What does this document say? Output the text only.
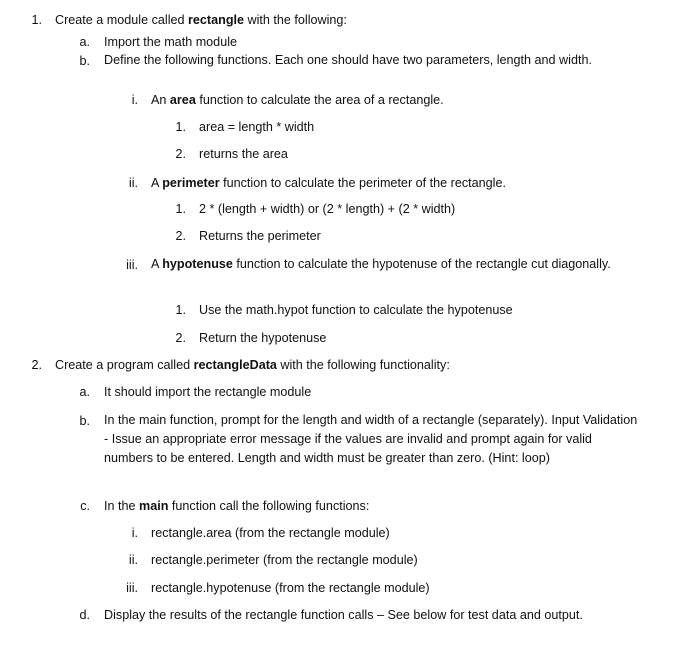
1. Create a module called rectangle with the following:
a. Import the math module
b. Define the following functions. Each one should have two parameters, length and width.
i. An area function to calculate the area of a rectangle.
1. area = length * width
2. returns the area
ii. A perimeter function to calculate the perimeter of the rectangle.
1. 2 * (length + width) or (2 * length) + (2 * width)
2. Returns the perimeter
iii. A hypotenuse function to calculate the hypotenuse of the rectangle cut diagonally.
1. Use the math.hypot function to calculate the hypotenuse
2. Return the hypotenuse
2. Create a program called rectangleData with the following functionality:
a. It should import the rectangle module
b. In the main function, prompt for the length and width of a rectangle (separately). Input Validation - Issue an appropriate error message if the values are invalid and prompt again for valid numbers to be entered. Length and width must be greater than zero. (Hint: loop)
c. In the main function call the following functions:
i. rectangle.area (from the rectangle module)
ii. rectangle.perimeter (from the rectangle module)
iii. rectangle.hypotenuse (from the rectangle module)
d. Display the results of the rectangle function calls – See below for test data and output.
